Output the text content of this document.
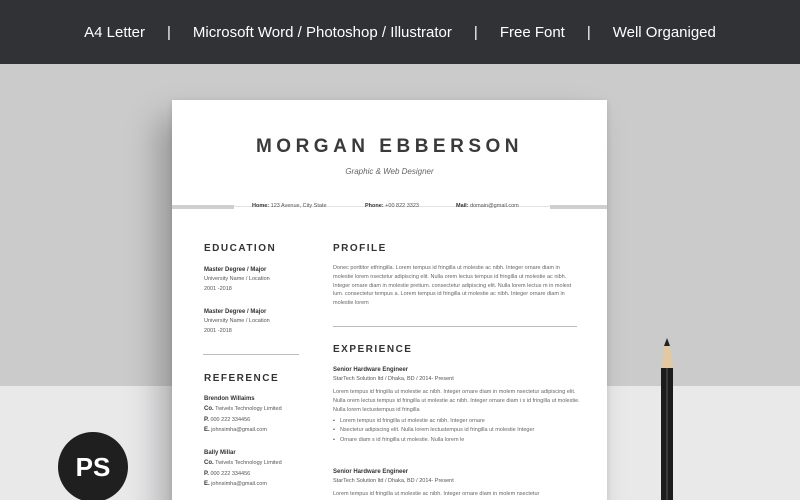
A4 Letter	|	Microsoft Word / Photoshop / Illustrator	|	Free Font	|	Well Organiged
MORGAN EBBERSON
Graphic & Web Designer
Home: 123 Avenue, City State	Phone: +00 822 3323	Mail: domain@gmail.com
EDUCATION
Master Degree / Major
University Name / Location
2001 -2018
Master Degree / Major
University Name / Location
2001 -2018
REFERENCE
Brendon Willaims
Co. Twivels Technology Limited
P. 000 222 334456
E. johnsimha@gmail.com
Bally Millar
Co. Twivels Technology Limited
P. 000 222 334456
E. johnsimha@gmail.com
PROFILE
Donec porttitor etfringilla. Lorem tempus id fringilla ut molestie ac nibh. Integer ornare diam in molestie lorem nsectetur adipiscing elit. Nulla orem lectus tempus id fringilla ut molestie ac nibh. Integer ornare diam in molestie pretium. consectetur adipiscing elit. Nulla lorem lectus m in molest lum. consectetur tempus a. Lorem tempus id fringilla ut molestie ac nibh. Integer ornare diam in molestie lorem
EXPERIENCE
Senior Hardware Engineer
StarTech Solution ltd / Dhaka, BD / 2014- Present
Lorem tempus id fringilla ut molestie ac nibh. Integer ornare diam in molem nsectetur adipiscing elit. Nulla orem lectus tempus id fringilla ut molestie ac nibh. Integer ornare diam i s id fringilla ut molestie. Nulla lorem lectustempus id fringilla
• Lorem tempus id fringilla ut molestie ac nibh. Integer ornare
• Nsectetur adipiscing elit. Nulla lorem lectustempus id fringilla ut molestie Integer
• Ornare diam s id fringilla ut molestie. Nulla lorem le
Senior Hardware Engineer
StarTech Solution ltd / Dhaka, BD / 2014- Present
Lorem tempus id fringilla ut molestie ac nibh. Integer ornare diam in molem nsectetur
PS
